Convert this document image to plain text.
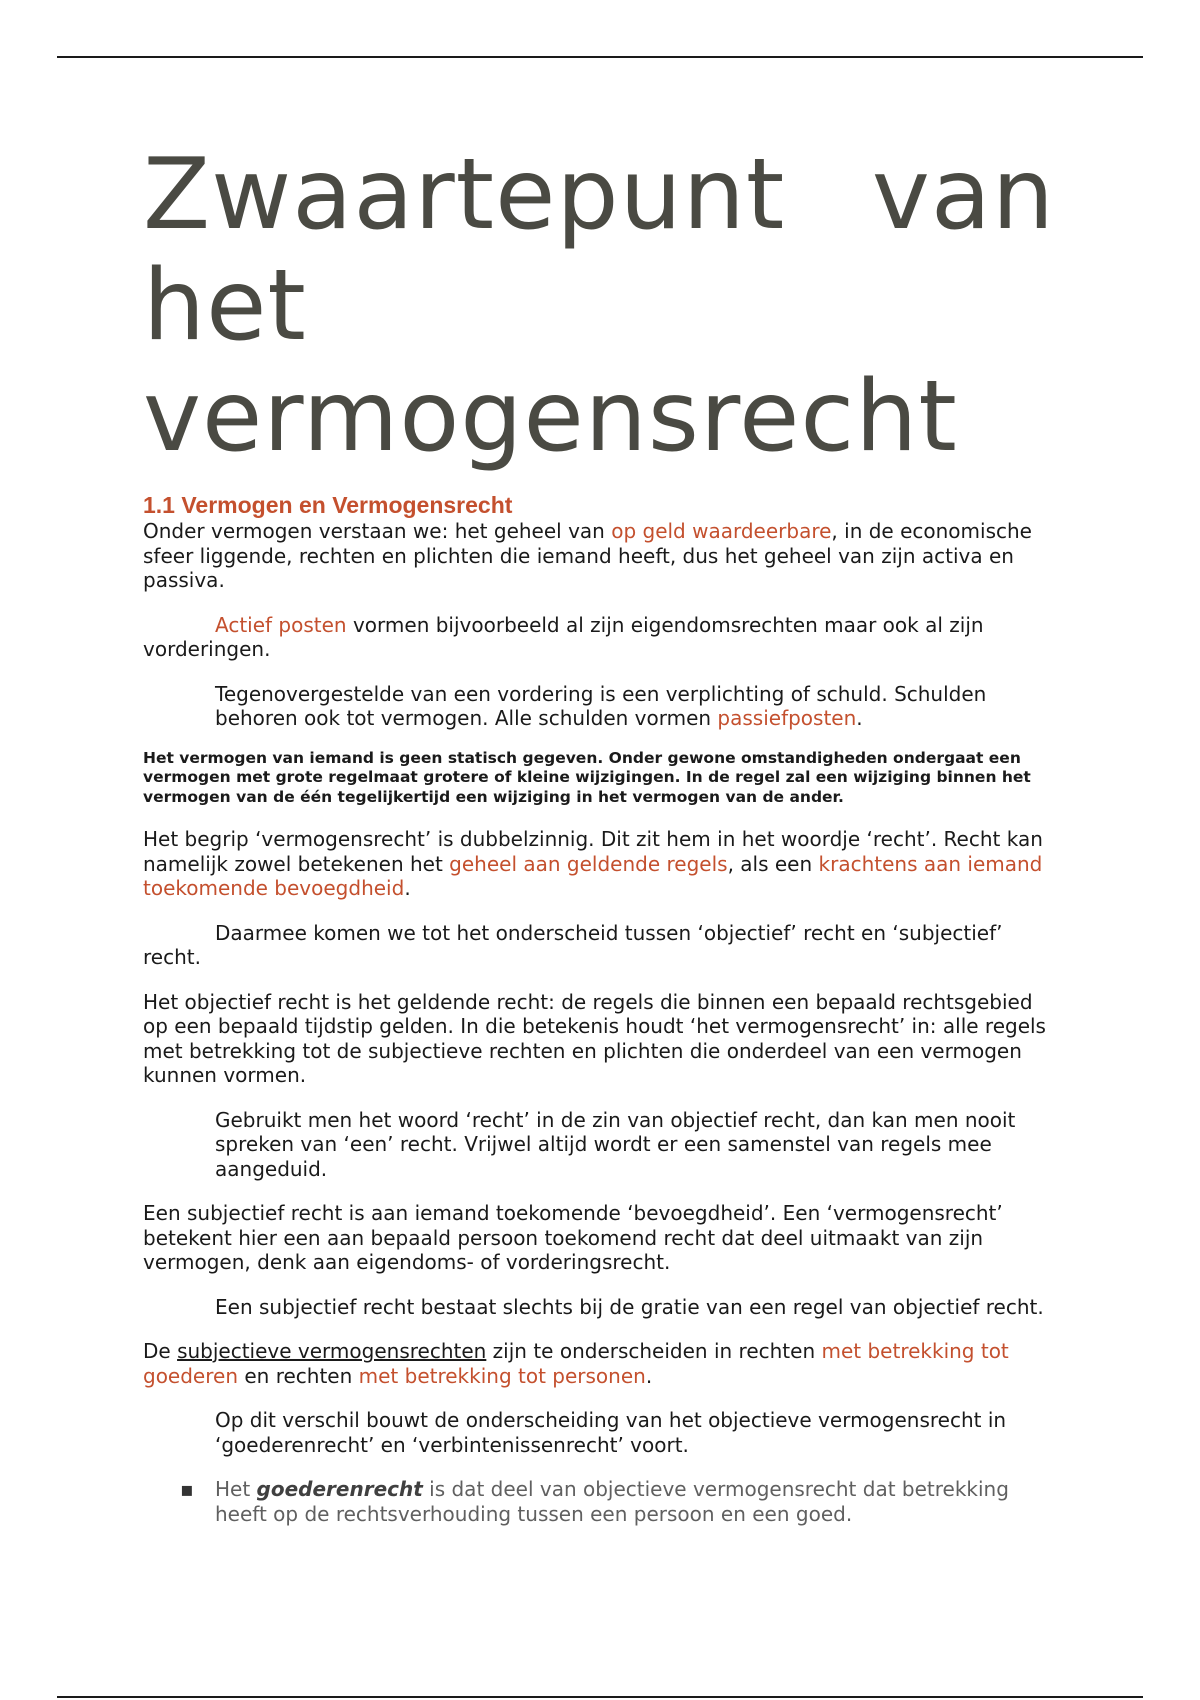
Zwaartepunt van het vermogensrecht
1.1 Vermogen en Vermogensrecht

Onder vermogen verstaan we: het geheel van op geld waardeerbare, in de economische sfeer liggende, rechten en plichten die iemand heeft, dus het geheel van zijn activa en passiva.

Actief posten vormen bijvoorbeeld al zijn eigendomsrechten maar ook al zijn vorderingen.

Tegenovergestelde van een vordering is een verplichting of schuld. Schulden behoren ook tot vermogen. Alle schulden vormen passiefposten.

Het vermogen van iemand is geen statisch gegeven. Onder gewone omstandigheden ondergaat een vermogen met grote regelmaat grotere of kleine wijzigingen. In de regel zal een wijziging binnen het vermogen van de één tegelijkertijd een wijziging in het vermogen van de ander.

Het begrip ‘vermogensrecht’ is dubbelzinnig. Dit zit hem in het woordje ‘recht’. Recht kan namelijk zowel betekenen het geheel aan geldende regels, als een krachtens aan iemand toekomende bevoegdheid.

Daarmee komen we tot het onderscheid tussen ‘objectief’ recht en ‘subjectief’ recht.

Het objectief recht is het geldende recht: de regels die binnen een bepaald rechtsgebied op een bepaald tijdstip gelden. In die betekenis houdt ‘het vermogensrecht’ in: alle regels met betrekking tot de subjectieve rechten en plichten die onderdeel van een vermogen kunnen vormen.

Gebruikt men het woord ‘recht’ in de zin van objectief recht, dan kan men nooit spreken van ‘een’ recht. Vrijwel altijd wordt er een samenstel van regels mee aangeduid.

Een subjectief recht is aan iemand toekomende ‘bevoegdheid’. Een ‘vermogensrecht’ betekent hier een aan bepaald persoon toekomend recht dat deel uitmaakt van zijn vermogen, denk aan eigendoms- of vorderingsrecht.

Een subjectief recht bestaat slechts bij de gratie van een regel van objectief recht.

De subjectieve vermogensrechten zijn te onderscheiden in rechten met betrekking tot goederen en rechten met betrekking tot personen.

Op dit verschil bouwt de onderscheiding van het objectieve vermogensrecht in ‘goederenrecht’ en ‘verbintenissenrecht’ voort.

▪ Het goederenrecht is dat deel van objectieve vermogensrecht dat betrekking heeft op de rechtsverhouding tussen een persoon en een goed.
